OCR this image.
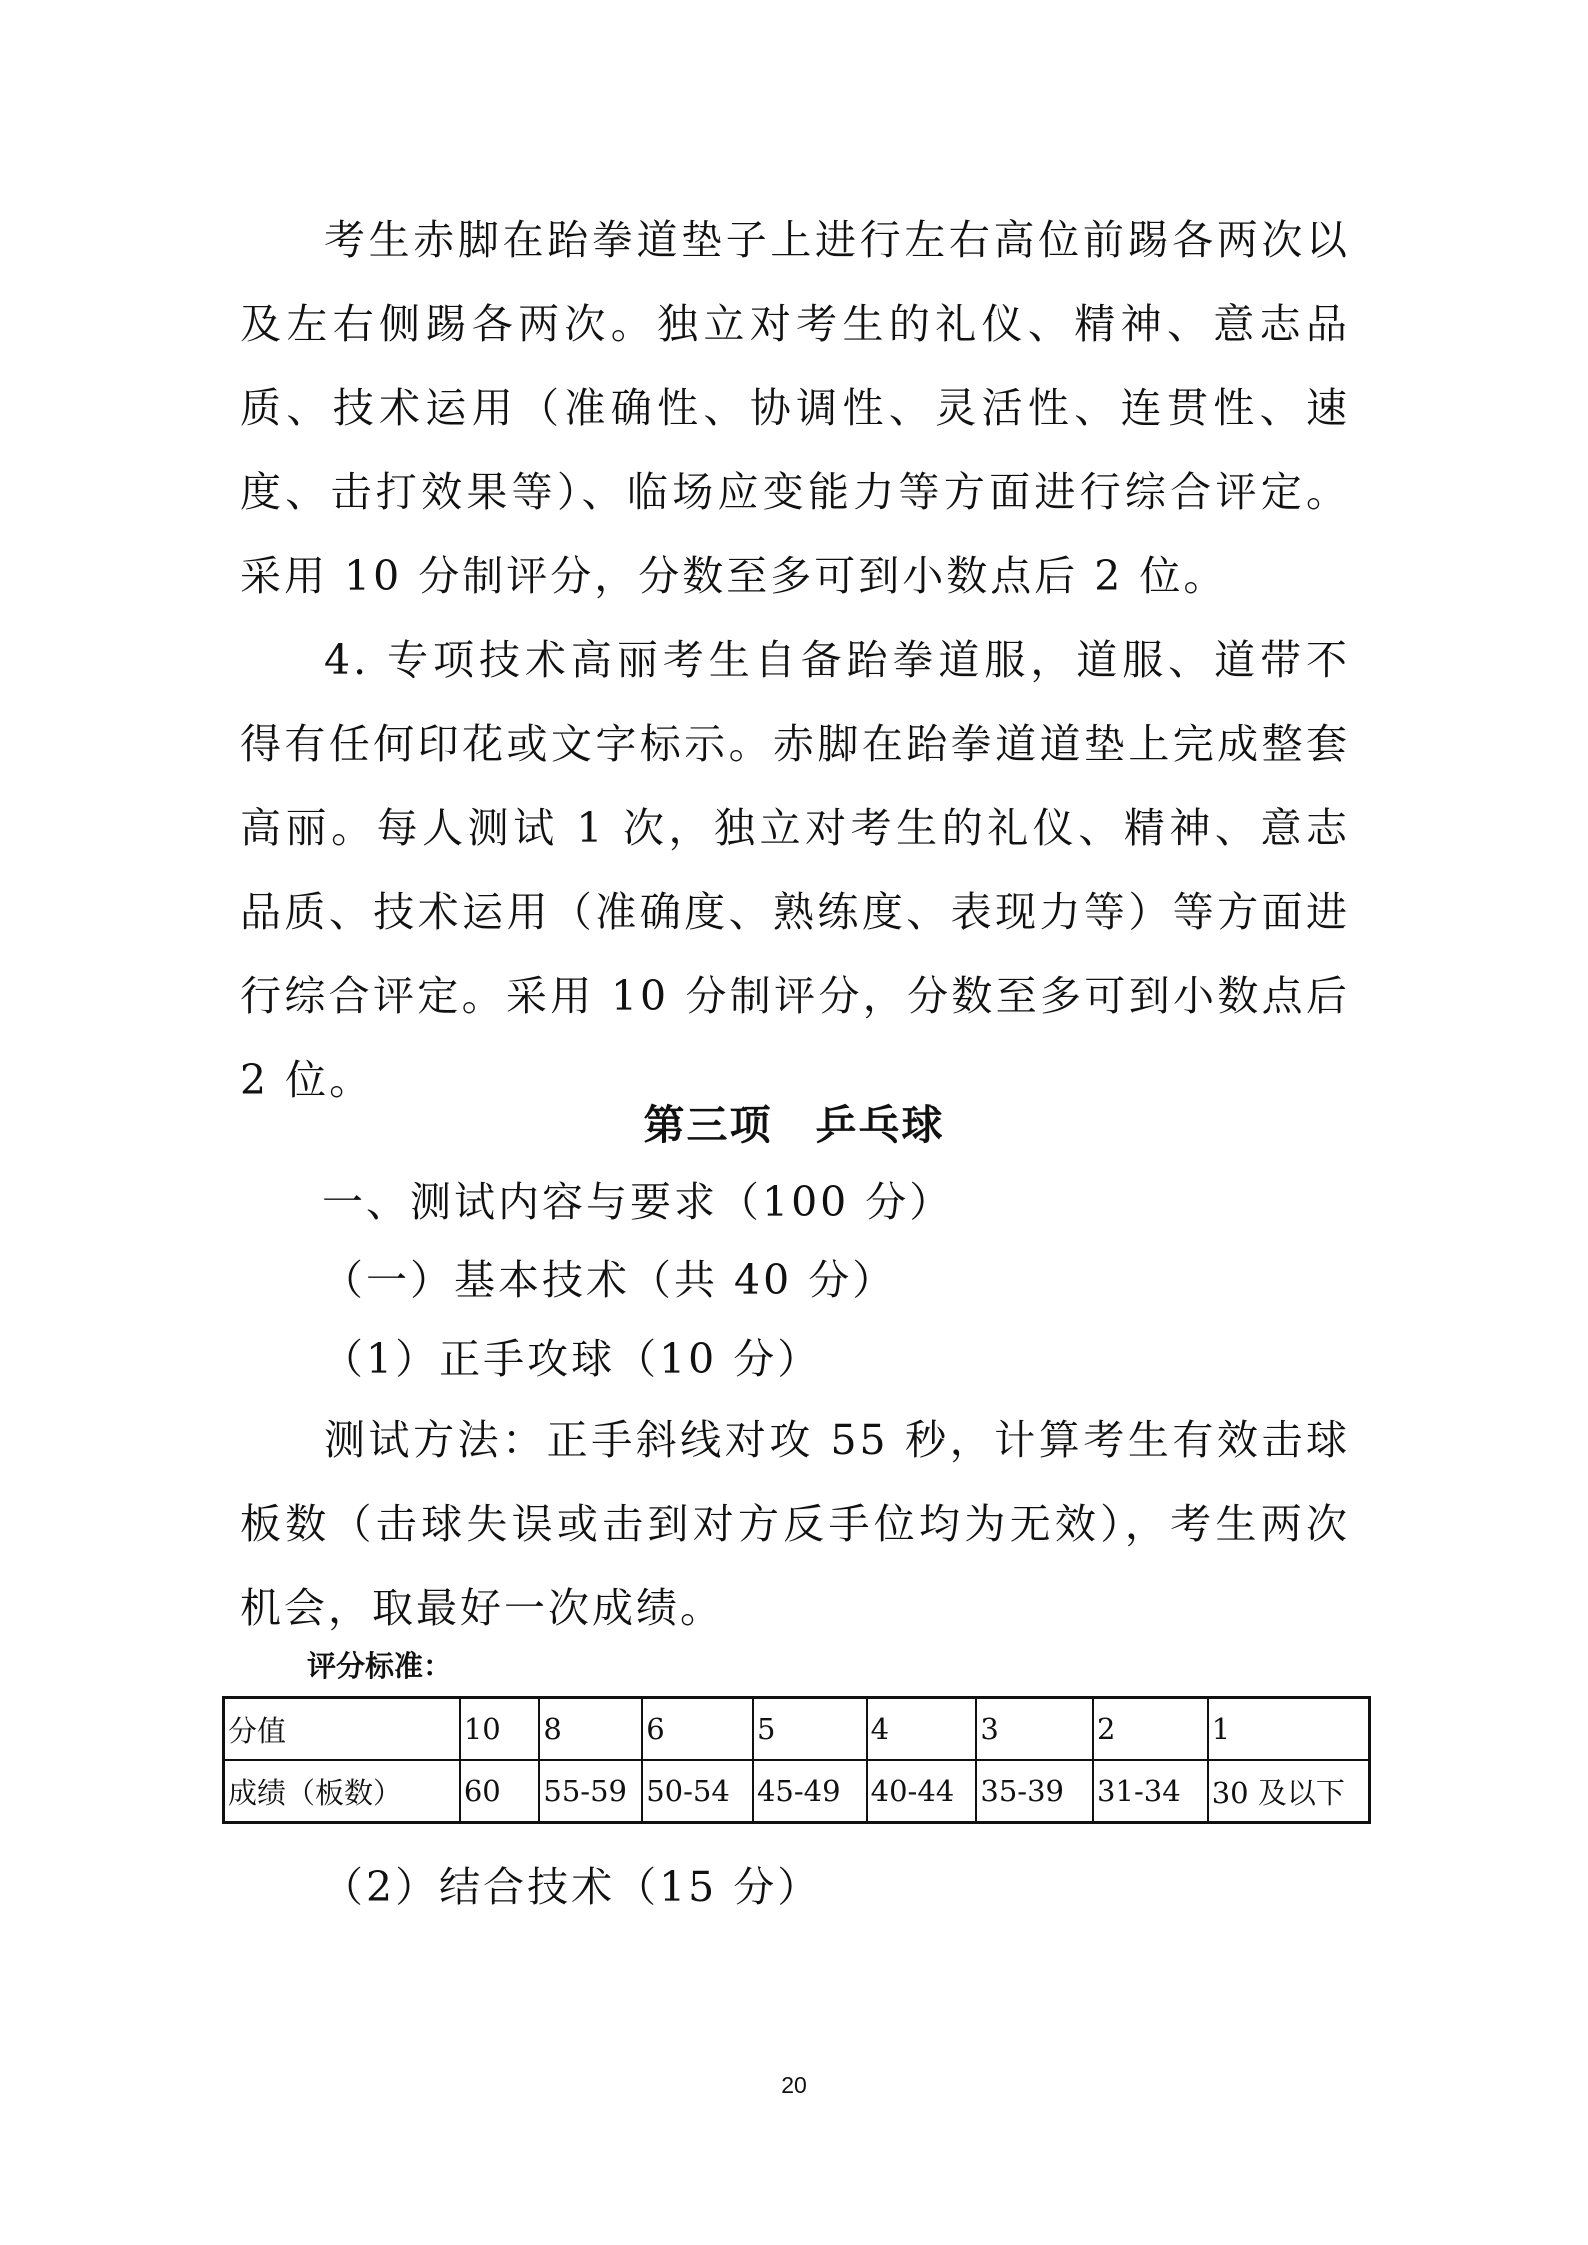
考生赤脚在跆拳道垫子上进行左右高位前踢各两次以及左右侧踢各两次。独立对考生的礼仪、精神、意志品质、技术运用（准确性、协调性、灵活性、连贯性、速度、击打效果等）、临场应变能力等方面进行综合评定。采用 10 分制评分，分数至多可到小数点后 2 位。

4. 专项技术高丽考生自备跆拳道服，道服、道带不得有任何印花或文字标示。赤脚在跆拳道道垫上完成整套高丽。每人测试 1 次，独立对考生的礼仪、精神、意志品质、技术运用（准确度、熟练度、表现力等）等方面进行综合评定。采用 10 分制评分，分数至多可到小数点后 2 位。

第三项　乒乓球

一、测试内容与要求（100 分）

（一）基本技术（共 40 分）

（1）正手攻球（10 分）

测试方法：正手斜线对攻 55 秒，计算考生有效击球板数（击球失误或击到对方反手位均为无效），考生两次机会，取最好一次成绩。

评分标准：

分值	10	8	6	5	4	3	2	1
成绩（板数）	60	55-59	50-54	45-49	40-44	35-39	31-34	30 及以下

（2）结合技术（15 分）

20
